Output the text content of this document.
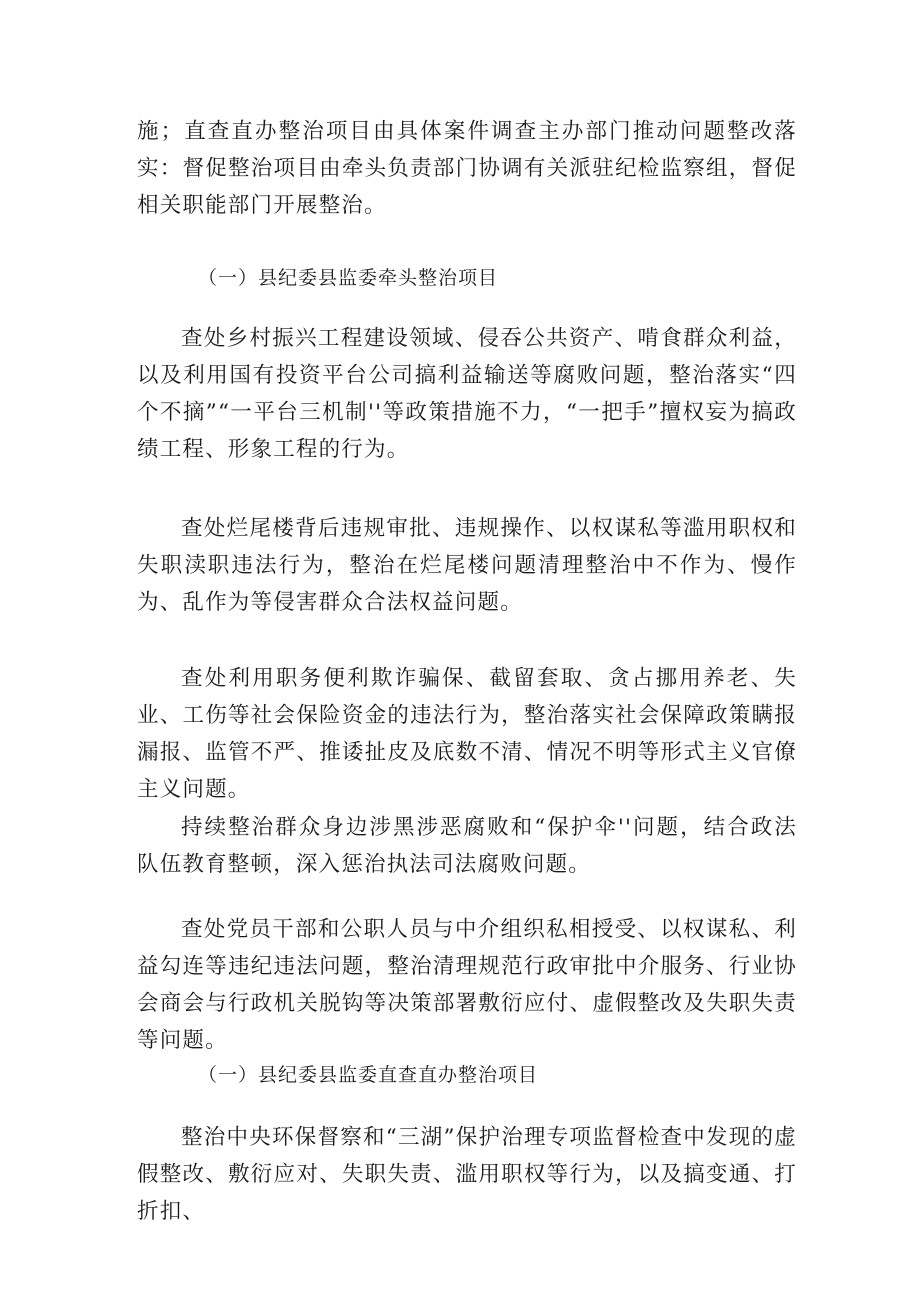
施；直查直办整治项目由具体案件调查主办部门推动问题整改落实：督促整治项目由牵头负责部门协调有关派驻纪检监察组，督促相关职能部门开展整治。

（一）县纪委县监委牵头整治项目

查处乡村振兴工程建设领域、侵吞公共资产、啃食群众利益，以及利用国有投资平台公司搞利益输送等腐败问题，整治落实“四个不摘”“一平台三机制''等政策措施不力，“一把手”擅权妄为搞政绩工程、形象工程的行为。

查处烂尾楼背后违规审批、违规操作、以权谋私等滥用职权和失职渎职违法行为，整治在烂尾楼问题清理整治中不作为、慢作为、乱作为等侵害群众合法权益问题。

查处利用职务便利欺诈骗保、截留套取、贪占挪用养老、失业、工伤等社会保险资金的违法行为，整治落实社会保障政策瞒报漏报、监管不严、推诿扯皮及底数不清、情况不明等形式主义官僚主义问题。

持续整治群众身边涉黑涉恶腐败和“保护伞''问题，结合政法队伍教育整顿，深入惩治执法司法腐败问题。

查处党员干部和公职人员与中介组织私相授受、以权谋私、利益勾连等违纪违法问题，整治清理规范行政审批中介服务、行业协会商会与行政机关脱钩等决策部署敷衍应付、虚假整改及失职失责等问题。

（一）县纪委县监委直查直办整治项目

整治中央环保督察和“三湖”保护治理专项监督检查中发现的虚假整改、敷衍应对、失职失责、滥用职权等行为，以及搞变通、打折扣、
